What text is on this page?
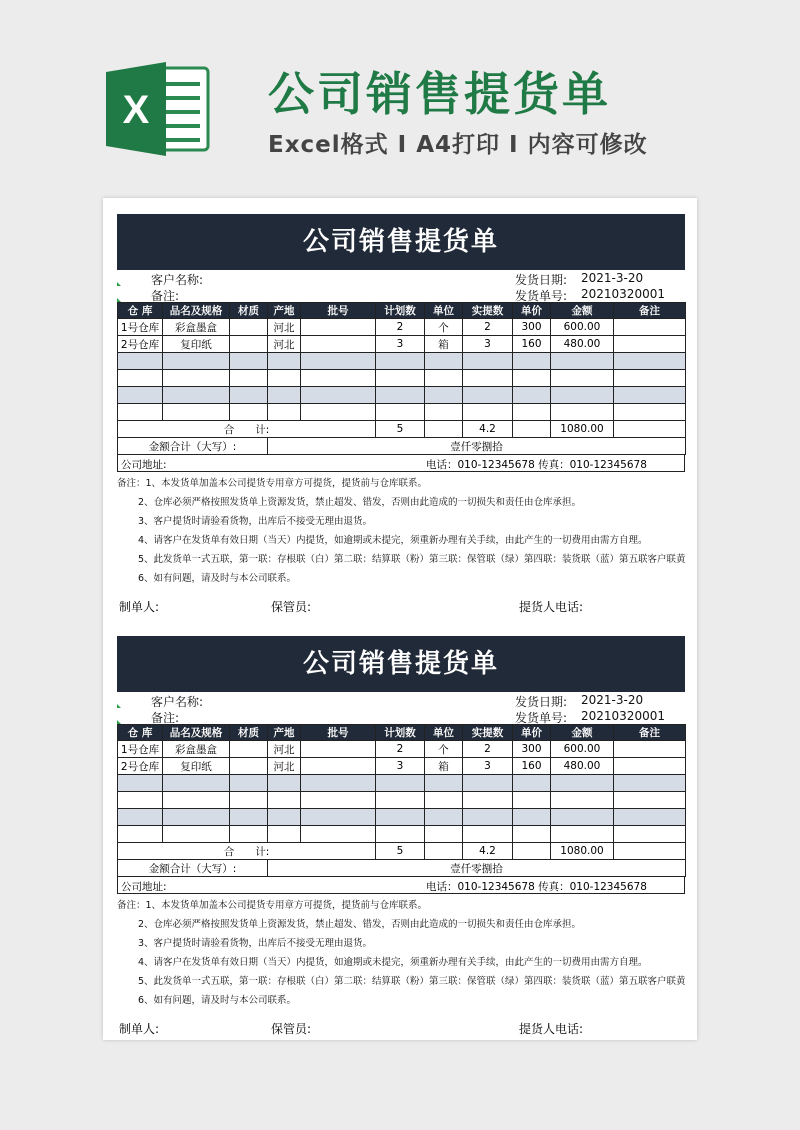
X	公司销售提货单
Excel格式 I A4打印 I 内容可修改
公司销售提货单
客户名称:	发货日期: 2021-3-20
备注:	发货单号: 20210320001
仓 库	品名及规格	材质	产地	批号	计划数	单位	实提数	单价	金额	备注
1号仓库	彩盒墨盒		河北		2	个	2	300	600.00	
2号仓库	复印纸		河北		3	箱	3	160	480.00	

合　　计:					5		4.2		1080.00	
金额合计（大写）:			壹仟零捌拾							
公司地址:	电话：010-12345678 传真：010-12345678
备注：1、本发货单加盖本公司提货专用章方可提货，提货前与仓库联系。
2、仓库必须严格按照发货单上资源发货，禁止超发、错发，否则由此造成的一切损失和责任由仓库承担。
3、客户提货时请验看货物，出库后不接受无理由退货。
4、请客户在发货单有效日期（当天）内提货，如逾期或未提完，须重新办理有关手续，由此产生的一切费用由需方自理。
5、此发货单一式五联，第一联：存根联（白）第二联：结算联（粉）第三联：保管联（绿）第四联：装货联（蓝）第五联客户联黄
6、如有问题，请及时与本公司联系。
制单人:	保管员:	提货人电话:
公司销售提货单
客户名称:	发货日期: 2021-3-20
备注:	发货单号: 20210320001
仓 库	品名及规格	材质	产地	批号	计划数	单位	实提数	单价	金额	备注
1号仓库	彩盒墨盒		河北		2	个	2	300	600.00	
2号仓库	复印纸		河北		3	箱	3	160	480.00	

合　　计:					5		4.2		1080.00	
金额合计（大写）:			壹仟零捌拾							
公司地址:	电话：010-12345678 传真：010-12345678
备注：1、本发货单加盖本公司提货专用章方可提货，提货前与仓库联系。
2、仓库必须严格按照发货单上资源发货，禁止超发、错发，否则由此造成的一切损失和责任由仓库承担。
3、客户提货时请验看货物，出库后不接受无理由退货。
4、请客户在发货单有效日期（当天）内提货，如逾期或未提完，须重新办理有关手续，由此产生的一切费用由需方自理。
5、此发货单一式五联，第一联：存根联（白）第二联：结算联（粉）第三联：保管联（绿）第四联：装货联（蓝）第五联客户联黄
6、如有问题，请及时与本公司联系。
制单人:	保管员:	提货人电话:
